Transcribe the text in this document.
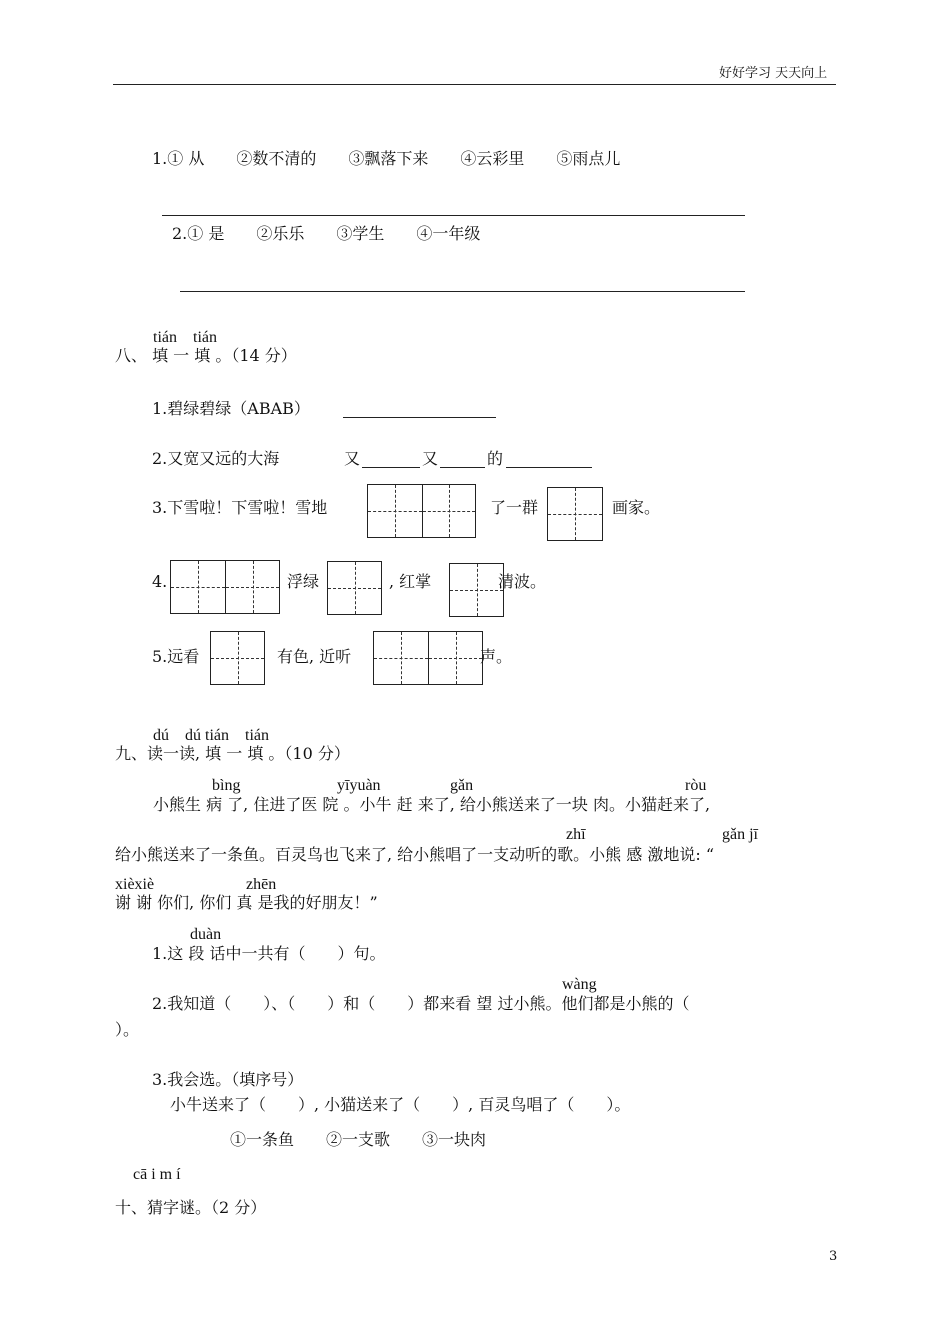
好好学习 天天向上
1.① 从　　②数不清的　　③飘落下来　　④云彩里　　⑤雨点儿
2.① 是　　②乐乐　　③学生　　④一年级
tián　tián
八、 填 一 填 。（14 分）
1.碧绿碧绿（ABAB）
2.又宽又远的大海	又	又	的
3.下雪啦！下雪啦！雪地	了一群	画家。
4.	浮绿	, 红掌	清波。
5.远看	有色, 近听	声。
dú　dú tián　tián
九、读一读, 填 一 填 。（10 分）
bìng	yīyuàn	gǎn	ròu
小熊生 病 了, 住进了医 院 。小牛 赶 来了, 给小熊送来了一块 肉。小猫赶来了,
zhī	gǎn jī
给小熊送来了一条鱼。百灵鸟也飞来了, 给小熊唱了一支动听的歌。小熊 感 激地说: “
xièxiè	zhēn
谢 谢 你们, 你们 真 是我的好朋友！”
duàn
1.这 段 话中一共有（　　）句。
wàng
2.我知道（　　）、（　　）和（　　）都来看 望 过小熊。他们都是小熊的（
）。
3.我会选。（填序号）
小牛送来了（　　）, 小猫送来了（　　）, 百灵鸟唱了（　　）。
①一条鱼　　②一支歌　　③一块肉
cā i m í
十、猜字谜。（2 分）
3
